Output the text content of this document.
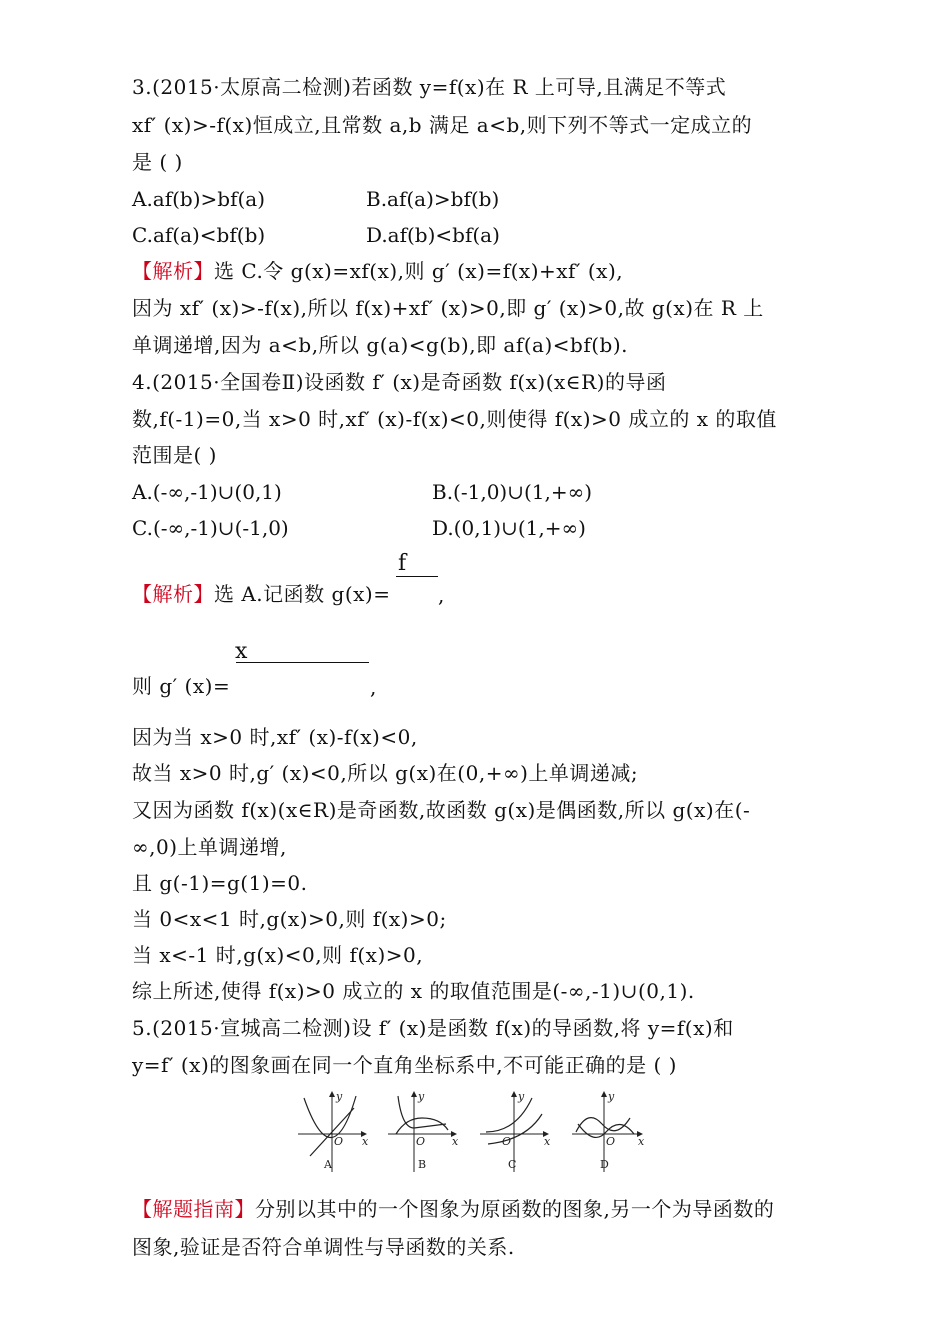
3.(2015·太原高二检测)若函数 y=f(x)在 R 上可导,且满足不等式
xf′ (x)>-f(x)恒成立,且常数 a,b 满足 a<b,则下列不等式一定成立的
是 ( )
A.af(b)>bf(a)	B.af(a)>bf(b)
C.af(a)<bf(b)	D.af(b)<bf(a)
【解析】选 C.令 g(x)=xf(x),则 g′ (x)=f(x)+xf′ (x),
因为 xf′ (x)>-f(x),所以 f(x)+xf′ (x)>0,即 g′ (x)>0,故 g(x)在 R 上
单调递增,因为 a<b,所以 g(a)<g(b),即 af(a)<bf(b).
4.(2015·全国卷Ⅱ)设函数 f′ (x)是奇函数 f(x)(x∈R)的导函
数,f(-1)=0,当 x>0 时,xf′ (x)-f(x)<0,则使得 f(x)>0 成立的 x 的取值
范围是( )
A.(-∞,-1)∪(0,1)	B.(-1,0)∪(1,+∞)
C.(-∞,-1)∪(-1,0)	D.(0,1)∪(1,+∞)
f
【解析】选 A.记函数 g(x)= ,
x
则 g′ (x)=	,
因为当 x>0 时,xf′ (x)-f(x)<0,
故当 x>0 时,g′ (x)<0,所以 g(x)在(0,+∞)上单调递减;
又因为函数 f(x)(x∈R)是奇函数,故函数 g(x)是偶函数,所以 g(x)在(-
∞,0)上单调递增,
且 g(-1)=g(1)=0.
当 0<x<1 时,g(x)>0,则 f(x)>0;
当 x<-1 时,g(x)<0,则 f(x)>0,
综上所述,使得 f(x)>0 成立的 x 的取值范围是(-∞,-1)∪(0,1).
5.(2015·宣城高二检测)设 f′ (x)是函数 f(x)的导函数,将 y=f(x)和
y=f′ (x)的图象画在同一个直角坐标系中,不可能正确的是 ( )
y
x
O
A
y
x
O
B
y
x
O
C
y
x
O
D
【解题指南】分别以其中的一个图象为原函数的图象,另一个为导函数的
图象,验证是否符合单调性与导函数的关系.
